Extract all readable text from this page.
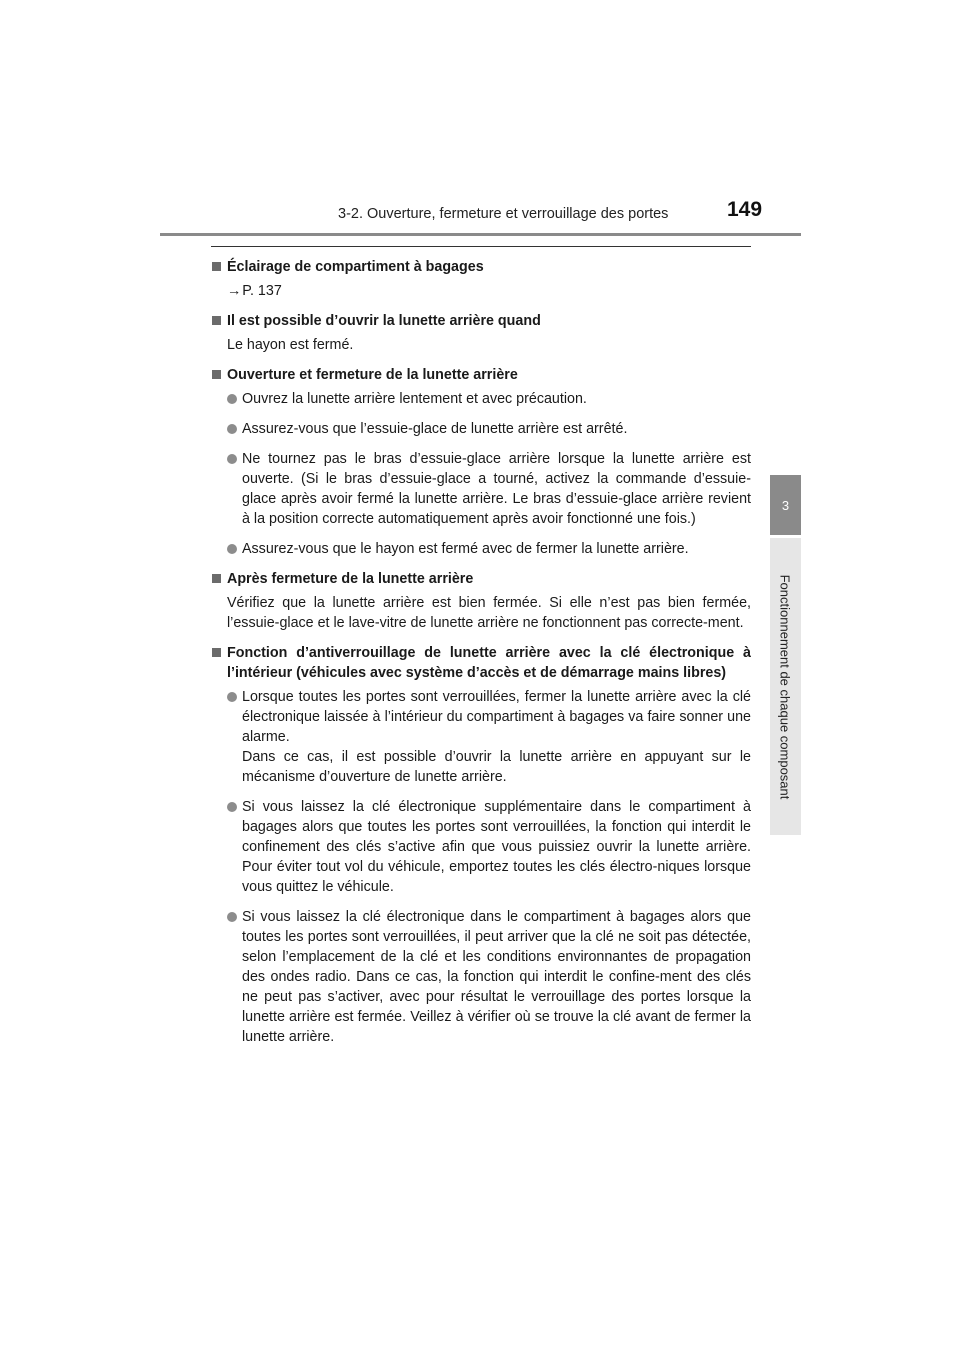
3-2. Ouverture, fermeture et verrouillage des portes	149
3
Fonctionnement de chaque composant
Éclairage de compartiment à bagages
→P. 137
Il est possible d’ouvrir la lunette arrière quand
Le hayon est fermé.
Ouverture et fermeture de la lunette arrière
Ouvrez la lunette arrière lentement et avec précaution.
Assurez-vous que l’essuie-glace de lunette arrière est arrêté.
Ne tournez pas le bras d’essuie-glace arrière lorsque la lunette arrière est ouverte. (Si le bras d’essuie-glace a tourné, activez la commande d’essuie-glace après avoir fermé la lunette arrière. Le bras d’essuie-glace arrière revient à la position correcte automatiquement après avoir fonctionné une fois.)
Assurez-vous que le hayon est fermé avec de fermer la lunette arrière.
Après fermeture de la lunette arrière
Vérifiez que la lunette arrière est bien fermée. Si elle n’est pas bien fermée, l’essuie-glace et le lave-vitre de lunette arrière ne fonctionnent pas correcte-ment.
Fonction d’antiverrouillage de lunette arrière avec la clé électronique à l’intérieur (véhicules avec système d’accès et de démarrage mains libres)

Lorsque toutes les portes sont verrouillées, fermer la lunette arrière avec la clé électronique laissée à l’intérieur du compartiment à bagages va faire sonner une alarme.

Dans ce cas, il est possible d’ouvrir la lunette arrière en appuyant sur le mécanisme d’ouverture de lunette arrière.

Si vous laissez la clé électronique supplémentaire dans le compartiment à bagages alors que toutes les portes sont verrouillées, la fonction qui interdit le confinement des clés s’active afin que vous puissiez ouvrir la lunette arrière. Pour éviter tout vol du véhicule, emportez toutes les clés électro-niques lorsque vous quittez le véhicule.
Si vous laissez la clé électronique dans le compartiment à bagages alors que toutes les portes sont verrouillées, il peut arriver que la clé ne soit pas détectée, selon l’emplacement de la clé et les conditions environnantes de propagation des ondes radio. Dans ce cas, la fonction qui interdit le confine-ment des clés ne peut pas s’activer, avec pour résultat le verrouillage des portes lorsque la lunette arrière est fermée. Veillez à vérifier où se trouve la clé avant de fermer la lunette arrière.
